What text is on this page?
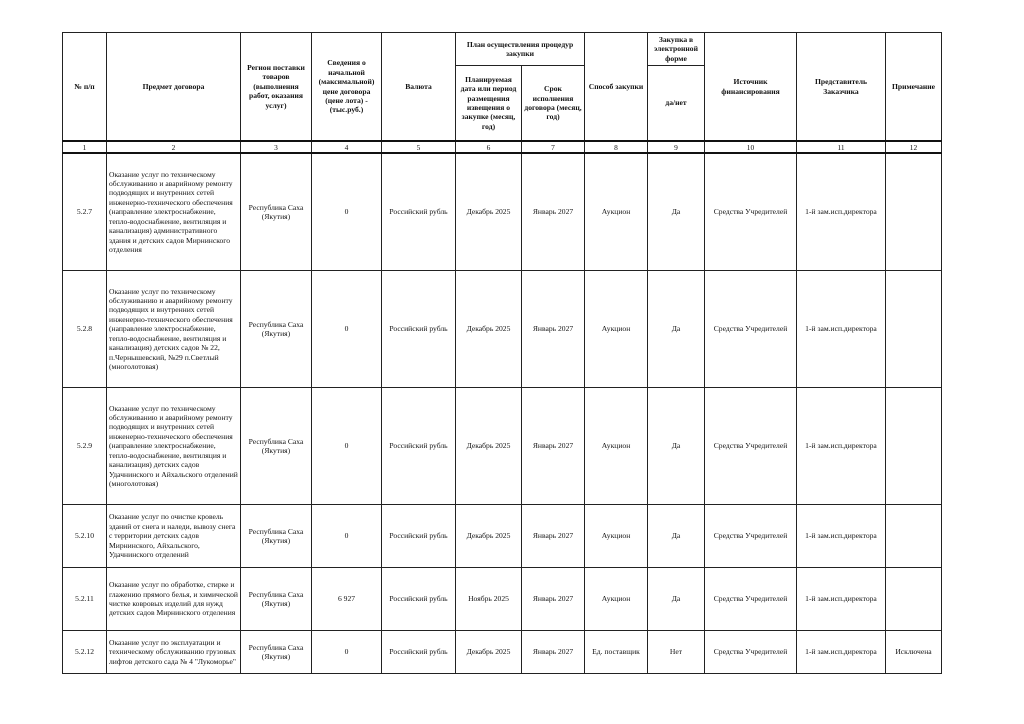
№ п/п	Предмет договора	Регион поставки товаров (выполнения работ, оказания услуг)	Сведения о начальной (максимальной) цене договора (цене лота) - (тыс.руб.)	Валюта	План осуществления процедур закупки		Способ закупки	Закупка в электронной форме	Источник финансирования	Представитель Заказчика	Примечание
					Планируемая дата или период размещения извещения о закупке (месяц, год)	Срок исполнения договора (месяц, год)		да/нет			
1	2	3	4	5	6	7	8	9	10	11	12
5.2.7	Оказание услуг по техническому обслуживанию и аварийному ремонту подводящих и внутренних сетей инженерно-технического обеспечения (направление электроснабжение, тепло-водоснабжение, вентиляция и канализация) административного здания и детских садов Мирнинского отделения	Республика Саха (Якутия)	0	Российский рубль	Декабрь 2025	Январь 2027	Аукцион	Да	Средства Учредителей	1-й зам.исп.директора	
5.2.8	Оказание услуг по техническому обслуживанию и аварийному ремонту подводящих и внутренних сетей инженерно-технического обеспечения (направление электроснабжение, тепло-водоснабжение, вентиляция и канализация) детских садов № 22, п.Чернышевский, №29 п.Светлый (многолотовая)	Республика Саха (Якутия)	0	Российский рубль	Декабрь 2025	Январь 2027	Аукцион	Да	Средства Учредителей	1-й зам.исп.директора	
5.2.9	Оказание услуг по техническому обслуживанию и аварийному ремонту подводящих и внутренних сетей инженерно-технического обеспечения (направление электроснабжение, тепло-водоснабжение, вентиляция и канализация) детских садов Удачнинского и Айхальского отделений (многолотовая)	Республика Саха (Якутия)	0	Российский рубль	Декабрь 2025	Январь 2027	Аукцион	Да	Средства Учредителей	1-й зам.исп.директора	
5.2.10	Оказание услуг по очистке кровель зданий от снега и наледи, вывозу снега с территории детских садов Мирнинского, Айхальского, Удачнинского отделений	Республика Саха (Якутия)	0	Российский рубль	Декабрь 2025	Январь 2027	Аукцион	Да	Средства Учредителей	1-й зам.исп.директора	
5.2.11	Оказание услуг по обработке, стирке и глажению прямого белья, и химической чистке ковровых изделий для нужд детских садов Мирнинского отделения	Республика Саха (Якутия)	6 927	Российский рубль	Ноябрь 2025	Январь 2027	Аукцион	Да	Средства Учредителей	1-й зам.исп.директора	
5.2.12	Оказание услуг по эксплуатации и техническому обслуживанию грузовых лифтов детского сада № 4 "Лукоморье"	Республика Саха (Якутия)	0	Российский рубль	Декабрь 2025	Январь 2027	Ед. поставщик	Нет	Средства Учредителей	1-й зам.исп.директора	Исключена
